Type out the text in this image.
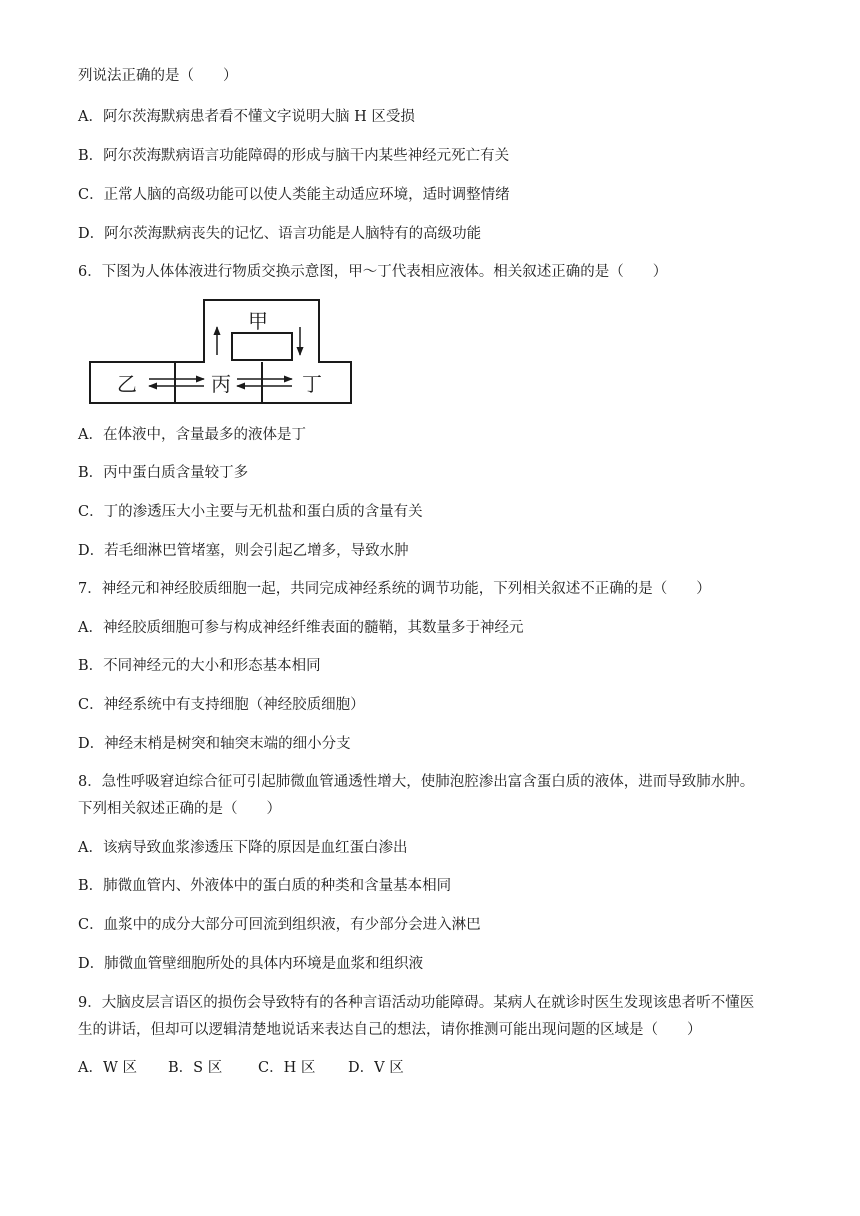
列说法正确的是（　　）
A．阿尔茨海默病患者看不懂文字说明大脑 H 区受损
B．阿尔茨海默病语言功能障碍的形成与脑干内某些神经元死亡有关
C．正常人脑的高级功能可以使人类能主动适应环境，适时调整情绪
D．阿尔茨海默病丧失的记忆、语言功能是人脑特有的高级功能
6．下图为人体体液进行物质交换示意图，甲～丁代表相应液体。相关叙述正确的是（　　）
甲
乙	丙	丁
A．在体液中，含量最多的液体是丁
B．丙中蛋白质含量较丁多
C．丁的渗透压大小主要与无机盐和蛋白质的含量有关
D．若毛细淋巴管堵塞，则会引起乙增多，导致水肿
7．神经元和神经胶质细胞一起，共同完成神经系统的调节功能，下列相关叙述不正确的是（　　）
A．神经胶质细胞可参与构成神经纤维表面的髓鞘，其数量多于神经元
B．不同神经元的大小和形态基本相同
C．神经系统中有支持细胞（神经胶质细胞）
D．神经末梢是树突和轴突末端的细小分支
8．急性呼吸窘迫综合征可引起肺微血管通透性增大，使肺泡腔渗出富含蛋白质的液体，进而导致肺水肿。
下列相关叙述正确的是（　　）
A．该病导致血浆渗透压下降的原因是血红蛋白渗出
B．肺微血管内、外液体中的蛋白质的种类和含量基本相同
C．血浆中的成分大部分可回流到组织液，有少部分会进入淋巴
D．肺微血管壁细胞所处的具体内环境是血浆和组织液
9．大脑皮层言语区的损伤会导致特有的各种言语活动功能障碍。某病人在就诊时医生发现该患者听不懂医
生的讲话，但却可以逻辑清楚地说话来表达自己的想法，请你推测可能出现问题的区域是（　　）
A．W 区 B．S 区 C．H 区 D．V 区
